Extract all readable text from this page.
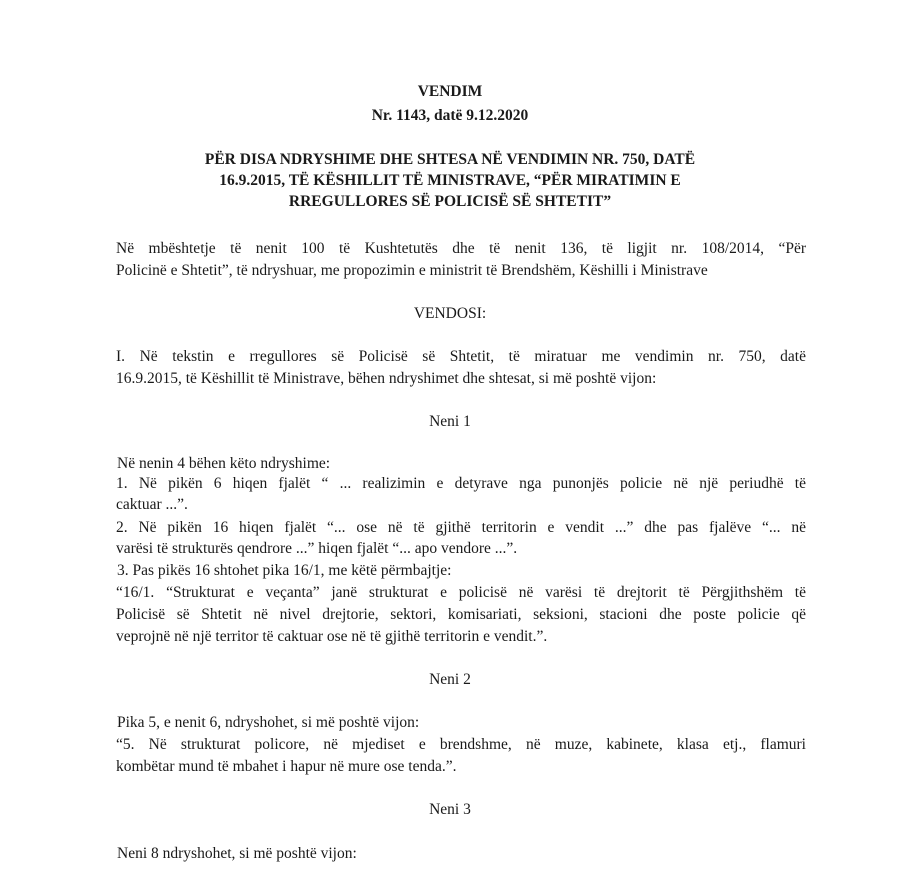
VENDIM
Nr. 1143, datë 9.12.2020
PËR DISA NDRYSHIME DHE SHTESA NË VENDIMIN NR. 750, DATË
16.9.2015, TË KËSHILLIT TË MINISTRAVE, “PËR MIRATIMIN E
RREGULLORES SË POLICISË SË SHTETIT”
Në mbështetje të nenit 100 të Kushtetutës dhe të nenit 136, të ligjit nr. 108/2014, “Për
Policinë e Shtetit”, të ndryshuar, me propozimin e ministrit të Brendshëm, Këshilli i Ministrave
VENDOSI:
I. Në tekstin e rregullores së Policisë së Shtetit, të miratuar me vendimin nr. 750, datë
16.9.2015, të Këshillit të Ministrave, bëhen ndryshimet dhe shtesat, si më poshtë vijon:
Neni 1
Në nenin 4 bëhen këto ndryshime:
1. Në pikën 6 hiqen fjalët “ ... realizimin e detyrave nga punonjës policie në një periudhë të
caktuar ...”.
2. Në pikën 16 hiqen fjalët “... ose në të gjithë territorin e vendit ...” dhe pas fjalëve “... në
varësi të strukturës qendrore ...” hiqen fjalët “... apo vendore ...”.
3. Pas pikës 16 shtohet pika 16/1, me këtë përmbajtje:
“16/1. “Strukturat e veçanta” janë strukturat e policisë në varësi të drejtorit të Përgjithshëm të
Policisë së Shtetit në nivel drejtorie, sektori, komisariati, seksioni, stacioni dhe poste policie që
veprojnë në një territor të caktuar ose në të gjithë territorin e vendit.”.
Neni 2
Pika 5, e nenit 6, ndryshohet, si më poshtë vijon:
“5. Në strukturat policore, në mjediset e brendshme, në muze, kabinete, klasa etj., flamuri
kombëtar mund të mbahet i hapur në mure ose tenda.”.
Neni 3
Neni 8 ndryshohet, si më poshtë vijon:
